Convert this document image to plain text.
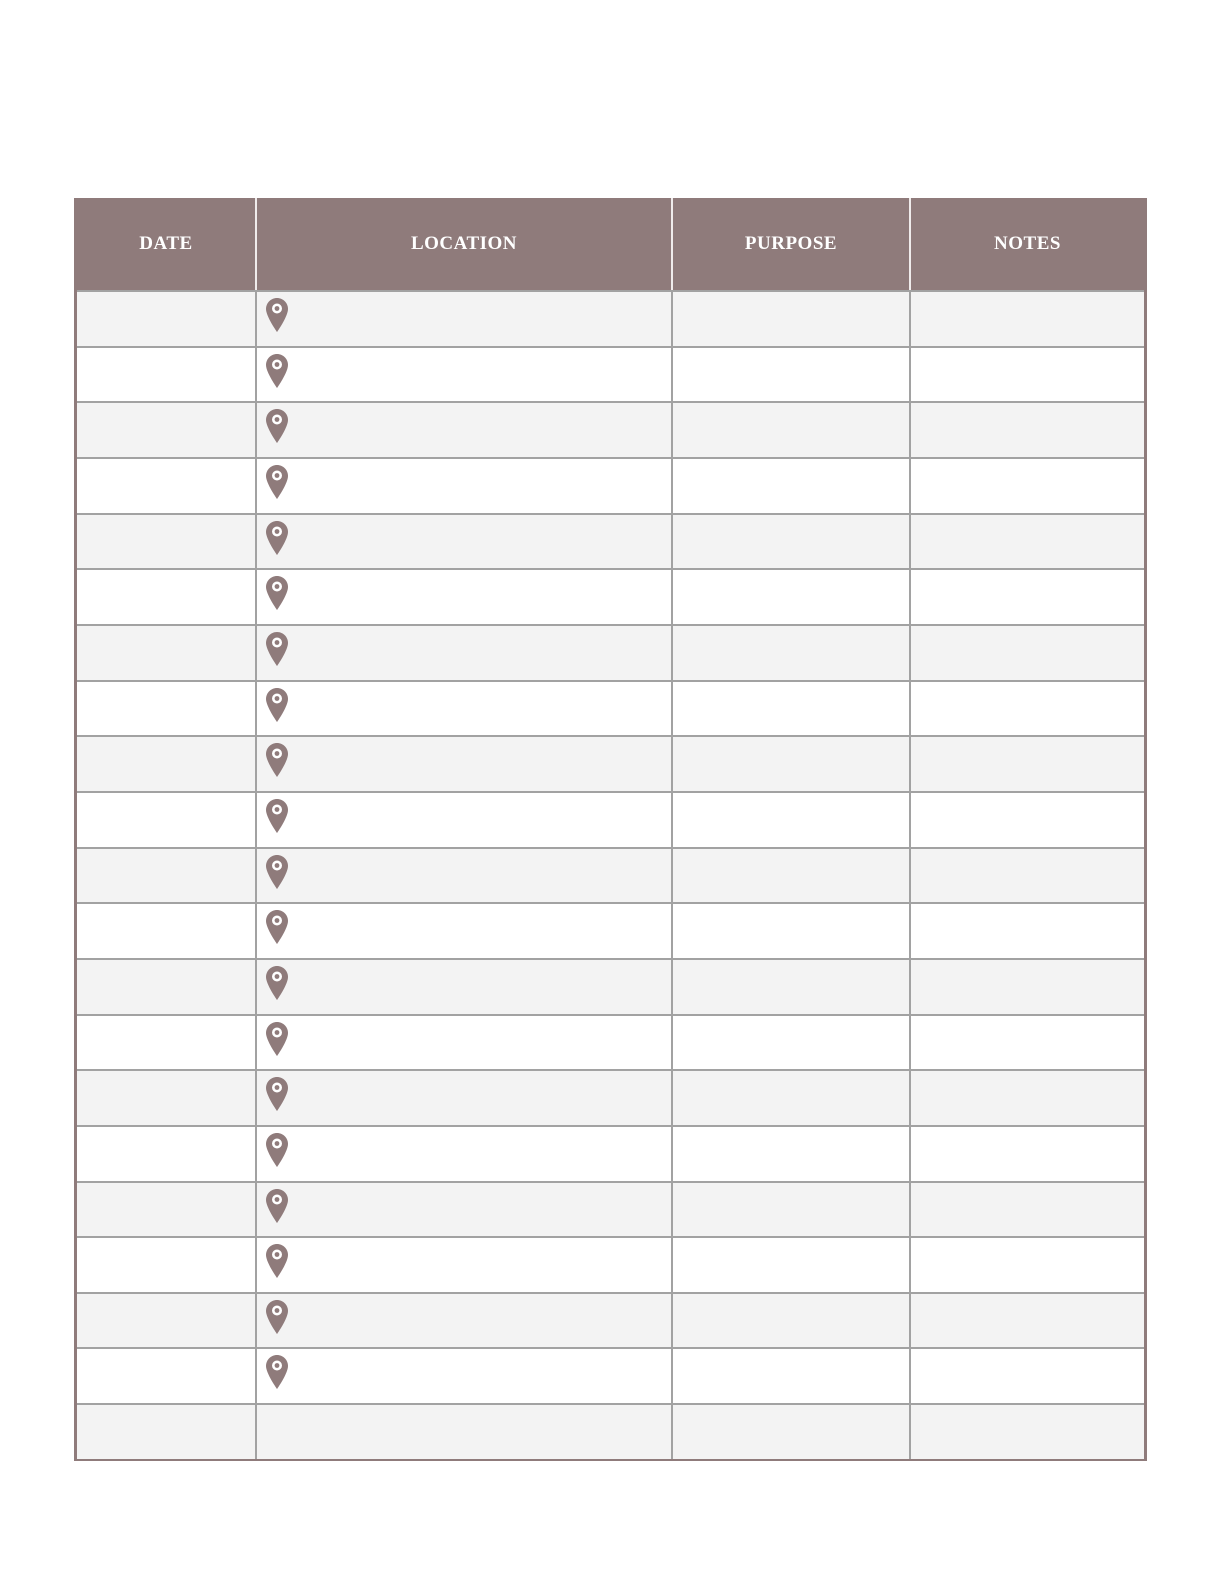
DATE	LOCATION	PURPOSE	NOTES
